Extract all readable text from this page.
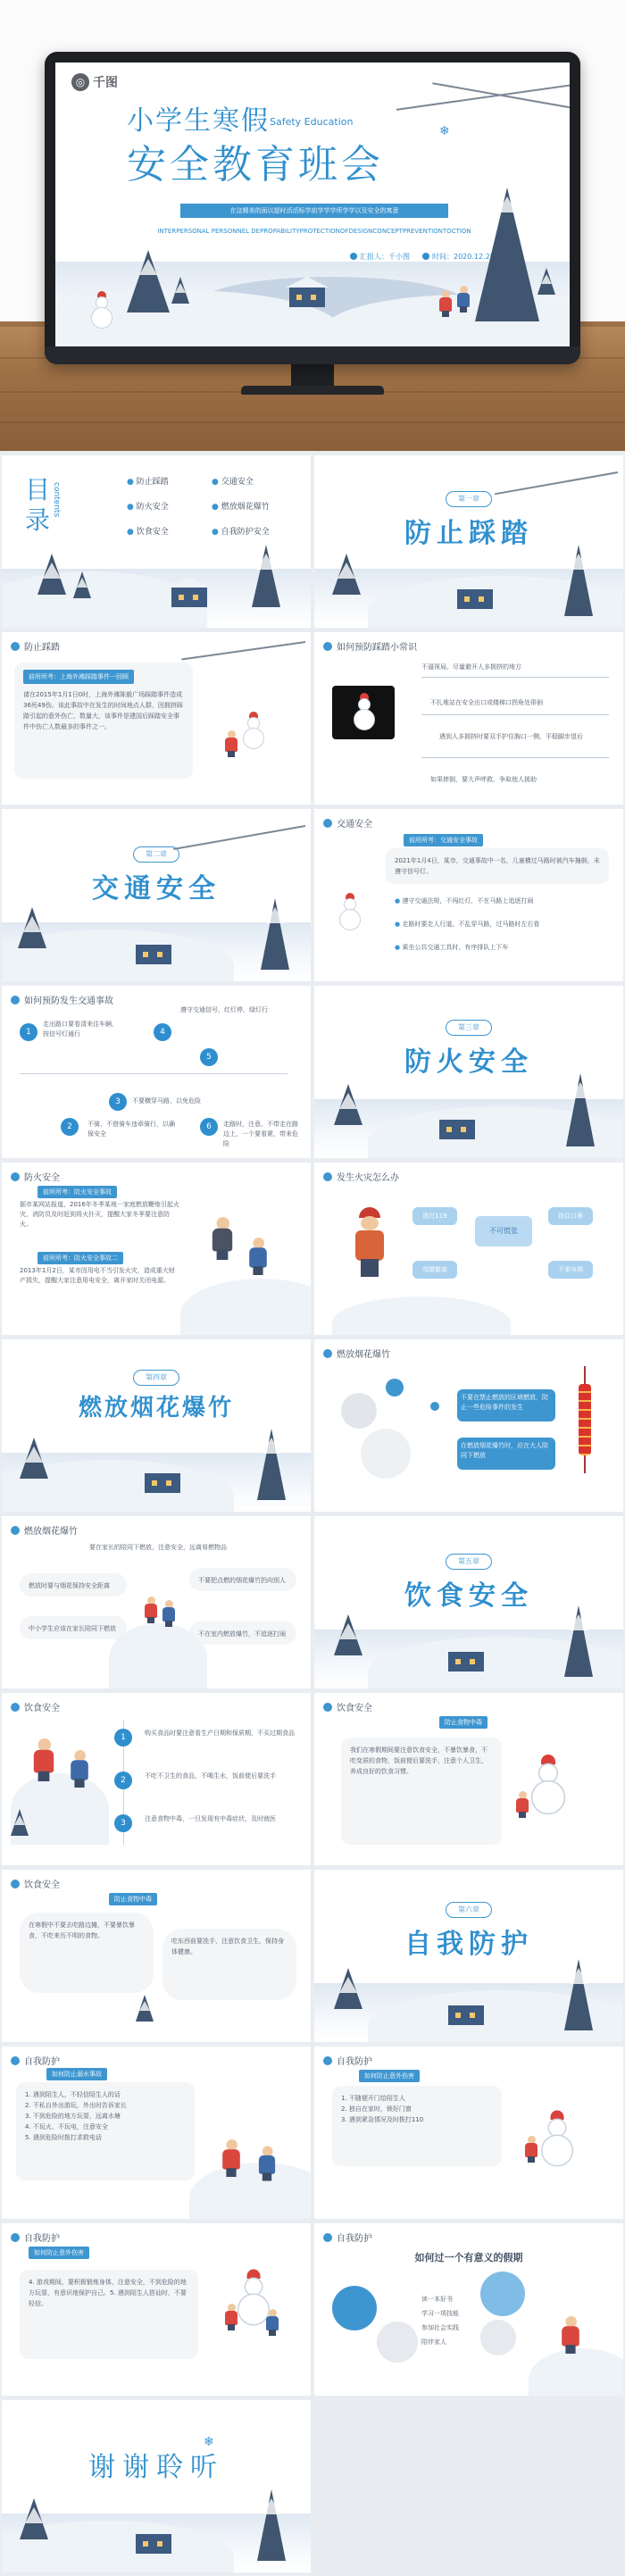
◎ 千图
小学生寒假 Safety Education
安全教育班会
在这精美的面以提时活活标学前学学学所学学以及安全的寓意
INTERPERSONAL PERSONNEL DEPROPABILITYPROTECTIONOFDESIGNCONCEPTPREVENTIONTOCTION
汇报人：千小图	时间：2020.12.25
❄
目录
contents	● 防止踩踏	● 交通安全
● 防火安全	● 燃放烟花爆竹
● 饮食安全	● 自我防护安全
第一章
防止踩踏
防止踩踏
前所所考：上海外滩踩踏事件一回顾
请在2015年1月1日0时，上海外滩陈毅广场踩踏事件造成36死49伤。该此事故中在发生的时间地点人群，因拥挤踩踏引起的意外伤亡，数量大，该事件是建国后踩踏安全事件中伤亡人数最多的事件之一。
如何预防踩踏小常识
不逼视局、尽量避开人多拥挤的地方
不扎堆站在安全出口或楼梯口拐角处徘徊
遇到人多拥挤时要双手护住胸口一侧，平稳脚步退后
如果摔倒，要大声呼救，争取他人援助
第二章
交通安全
交通安全
前所所考：交通安全事故
2021年1月4日，某市，交通事故中一名，儿童横过马路时被汽车撞倒，未遵守信号灯。
● 遵守交通法规，不闯红灯，不在马路上追逐打闹
● 走路时要走人行道，不乱穿马路，过马路时左右看
● 乘坐公共交通工具时，有序排队上下车
如何预防发生交通事故
1
走出路口要看清来往车辆，按信号灯通行	4
遵守交通信号，红灯停，绿灯行
5
3	不要横穿马路，以免危险
2	不骑、不借骑车违章骑行，以确保安全
6	走路时，注意、不带走在路边上，一个要看紧，带来危险
第三章
防火安全
防火安全
前所所考：防火安全事故
据市某网站报道，2016年冬季某地一家庭燃放鞭炮引起火灾，消防员及时赶到将火扑灭，提醒大家冬季要注意防火。
前所所考：防火安全事故二
2013年1月2日，某市因用电不当引发火灾，造成重大财产损失，提醒大家注意用电安全，离开家时关闭电源。
发生火灾怎么办
不可慌张
拨打119	捂住口鼻
弯腰撤离	不乘电梯
第四章
燃放烟花爆竹
燃放烟花爆竹
不要在禁止燃放的区域燃放，防止一些危险事件的发生
在燃放烟花爆竹时，应在大人陪同下燃放
燃放烟花爆竹
要在家长的陪同下燃放，注意安全，远离易燃物品
燃放时要与烟花保持安全距离
不要把点燃的烟花爆竹扔向别人
中小学生应该在家长陪同下燃放
不在室内燃放爆竹，不追逐打闹
第五章
饮食安全
饮食安全
1	购买食品时要注意看生产日期和保质期，不买过期食品
2	不吃不卫生的食品，不喝生水，饭前便后要洗手
3	注意食物中毒，一旦发现有中毒症状，及时就医
饮食安全
防止食物中毒
我们在寒假期间要注意饮食安全，不暴饮暴食，不吃变质的食物，饭前便后要洗手，注意个人卫生，养成良好的饮食习惯。
饮食安全
防止食物中毒
在寒假中不要去吃路边摊，不要暴饮暴食，不吃来历不明的食物。
吃东西前要洗手，注意饮食卫生，保持身体健康。
第六章
自我防护
自我防护
如何防止溺水事故
1. 遇到陌生人，不轻信陌生人的话
2. 不私自外出游玩，外出时告诉家长
3. 不到危险的地方玩耍，远离水塘
4. 不玩火、不玩电，注意安全
5. 遇到危险时拨打求救电话
自我防护
如何防止意外伤害
1. 不随便开门给陌生人
2. 独自在家时，锁好门窗
3. 遇到紧急情况及时拨打110
自我防护
如何防止意外伤害
4. 游戏期间，要积极锻炼身体，注意安全，不到危险的地方玩耍，有意识地保护自己。5. 遇到陌生人搭讪时，不要轻信。
自我防护
如何过一个有意义的假期
读一本好书
学习一项技能
参加社会实践
陪伴家人
谢谢聆听
❄
